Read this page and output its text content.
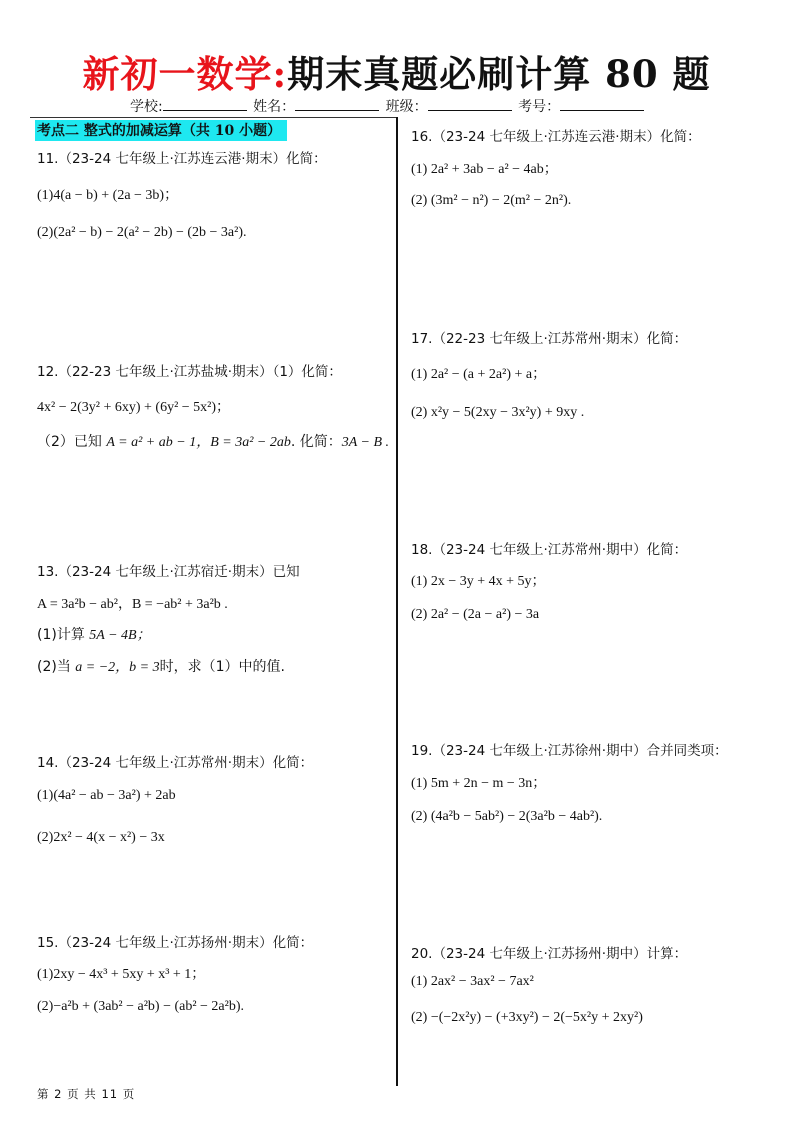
新初一数学:期末真题必刷计算 80 题
学校:	姓名：	班级：	考号：
考点二 整式的加减运算（共 10 小题）
11.（23-24 七年级上·江苏连云港·期末）化简：
(1)4(a − b) + (2a − 3b)；
(2)(2a² − b) − 2(a² − 2b) − (2b − 3a²).
12.（22-23 七年级上·江苏盐城·期末）（1）化简：
4x² − 2(3y² + 6xy) + (6y² − 5x²)；
（2）已知 A = a² + ab − 1，B = 3a² − 2ab. 化简：3A − B .
13.（23-24 七年级上·江苏宿迁·期末）已知
A = 3a²b − ab²，B = −ab² + 3a²b .
(1)计算 5A − 4B；
(2)当 a = −2，b = 3时，求（1）中的值.
14.（23-24 七年级上·江苏常州·期末）化简：
(1)(4a² − ab − 3a²) + 2ab
(2)2x² − 4(x − x²) − 3x
15.（23-24 七年级上·江苏扬州·期末）化简：
(1)2xy − 4x³ + 5xy + x³ + 1；
(2)−a²b + (3ab² − a²b) − (ab² − 2a²b).
16.（23-24 七年级上·江苏连云港·期末）化简：
(1) 2a² + 3ab − a² − 4ab；
(2) (3m² − n²) − 2(m² − 2n²).
17.（22-23 七年级上·江苏常州·期末）化简：
(1) 2a² − (a + 2a²) + a；
(2) x²y − 5(2xy − 3x²y) + 9xy .
18.（23-24 七年级上·江苏常州·期中）化简：
(1) 2x − 3y + 4x + 5y；
(2) 2a² − (2a − a²) − 3a
19.（23-24 七年级上·江苏徐州·期中）合并同类项：
(1) 5m + 2n − m − 3n；
(2) (4a²b − 5ab²) − 2(3a²b − 4ab²).
20.（23-24 七年级上·江苏扬州·期中）计算：
(1) 2ax² − 3ax² − 7ax²
(2) −(−2x²y) − (+3xy²) − 2(−5x²y + 2xy²)
第 2 页 共 11 页
